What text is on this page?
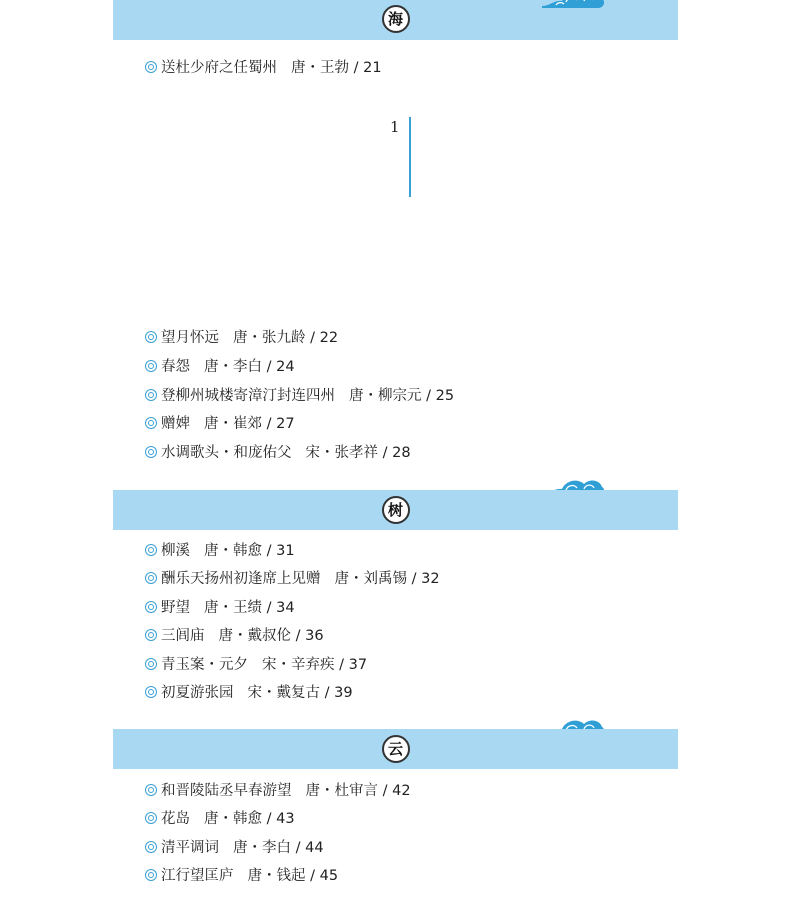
海
送杜少府之任蜀州 唐・王勃 / 21
1
望月怀远 唐・张九龄 / 22
春怨 唐・李白 / 24
登柳州城楼寄漳汀封连四州 唐・柳宗元 / 25
赠婢 唐・崔郊 / 27
水调歌头・和庞佑父 宋・张孝祥 / 28
树
柳溪 唐・韩愈 / 31
酬乐天扬州初逢席上见赠 唐・刘禹锡 / 32
野望 唐・王绩 / 34
三闾庙 唐・戴叔伦 / 36
青玉案・元夕 宋・辛弃疾 / 37
初夏游张园 宋・戴复古 / 39
云
和晋陵陆丞早春游望 唐・杜审言 / 42
花岛 唐・韩愈 / 43
清平调词 唐・李白 / 44
江行望匡庐 唐・钱起 / 45
